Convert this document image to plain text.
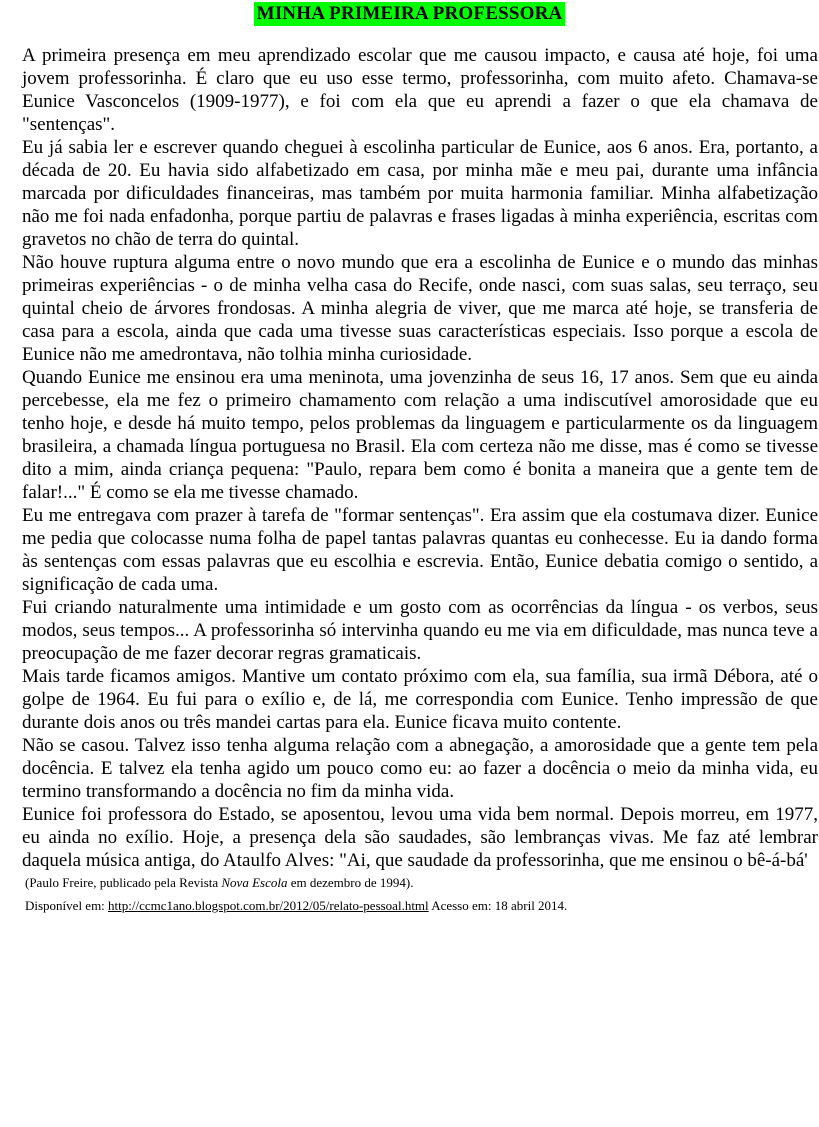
MINHA PRIMEIRA PROFESSORA

A primeira presença em meu aprendizado escolar que me causou impacto, e causa até hoje, foi uma jovem professorinha. É claro que eu uso esse termo, professorinha, com muito afeto. Chamava-se Eunice Vasconcelos (1909-1977), e foi com ela que eu aprendi a fazer o que ela chamava de "sentenças".

Eu já sabia ler e escrever quando cheguei à escolinha particular de Eunice, aos 6 anos. Era, portanto, a década de 20. Eu havia sido alfabetizado em casa, por minha mãe e meu pai, durante uma infância marcada por dificuldades financeiras, mas também por muita harmonia familiar. Minha alfabetização não me foi nada enfadonha, porque partiu de palavras e frases ligadas à minha experiência, escritas com gravetos no chão de terra do quintal.

Não houve ruptura alguma entre o novo mundo que era a escolinha de Eunice e o mundo das minhas primeiras experiências - o de minha velha casa do Recife, onde nasci, com suas salas, seu terraço, seu quintal cheio de árvores frondosas. A minha alegria de viver, que me marca até hoje, se transferia de casa para a escola, ainda que cada uma tivesse suas características especiais. Isso porque a escola de Eunice não me amedrontava, não tolhia minha curiosidade.

Quando Eunice me ensinou era uma meninota, uma jovenzinha de seus 16, 17 anos. Sem que eu ainda percebesse, ela me fez o primeiro chamamento com relação a uma indiscutível amorosidade que eu tenho hoje, e desde há muito tempo, pelos problemas da linguagem e particularmente os da linguagem brasileira, a chamada língua portuguesa no Brasil. Ela com certeza não me disse, mas é como se tivesse dito a mim, ainda criança pequena: "Paulo, repara bem como é bonita a maneira que a gente tem de falar!..." É como se ela me tivesse chamado.

Eu me entregava com prazer à tarefa de "formar sentenças". Era assim que ela costumava dizer. Eunice me pedia que colocasse numa folha de papel tantas palavras quantas eu conhecesse. Eu ia dando forma às sentenças com essas palavras que eu escolhia e escrevia. Então, Eunice debatia comigo o sentido, a significação de cada uma.

Fui criando naturalmente uma intimidade e um gosto com as ocorrências da língua - os verbos, seus modos, seus tempos... A professorinha só intervinha quando eu me via em dificuldade, mas nunca teve a preocupação de me fazer decorar regras gramaticais.

Mais tarde ficamos amigos. Mantive um contato próximo com ela, sua família, sua irmã Débora, até o golpe de 1964. Eu fui para o exílio e, de lá, me correspondia com Eunice. Tenho impressão de que durante dois anos ou três mandei cartas para ela. Eunice ficava muito contente.

Não se casou. Talvez isso tenha alguma relação com a abnegação, a amorosidade que a gente tem pela docência. E talvez ela tenha agido um pouco como eu: ao fazer a docência o meio da minha vida, eu termino transformando a docência no fim da minha vida.

Eunice foi professora do Estado, se aposentou, levou uma vida bem normal. Depois morreu, em 1977, eu ainda no exílio. Hoje, a presença dela são saudades, são lembranças vivas. Me faz até lembrar daquela música antiga, do Ataulfo Alves: "Ai, que saudade da professorinha, que me ensinou o bê-á-bá'

(Paulo Freire, publicado pela Revista Nova Escola em dezembro de 1994).
Disponível em: http://ccmc1ano.blogspot.com.br/2012/05/relato-pessoal.html Acesso em: 18 abril 2014.
